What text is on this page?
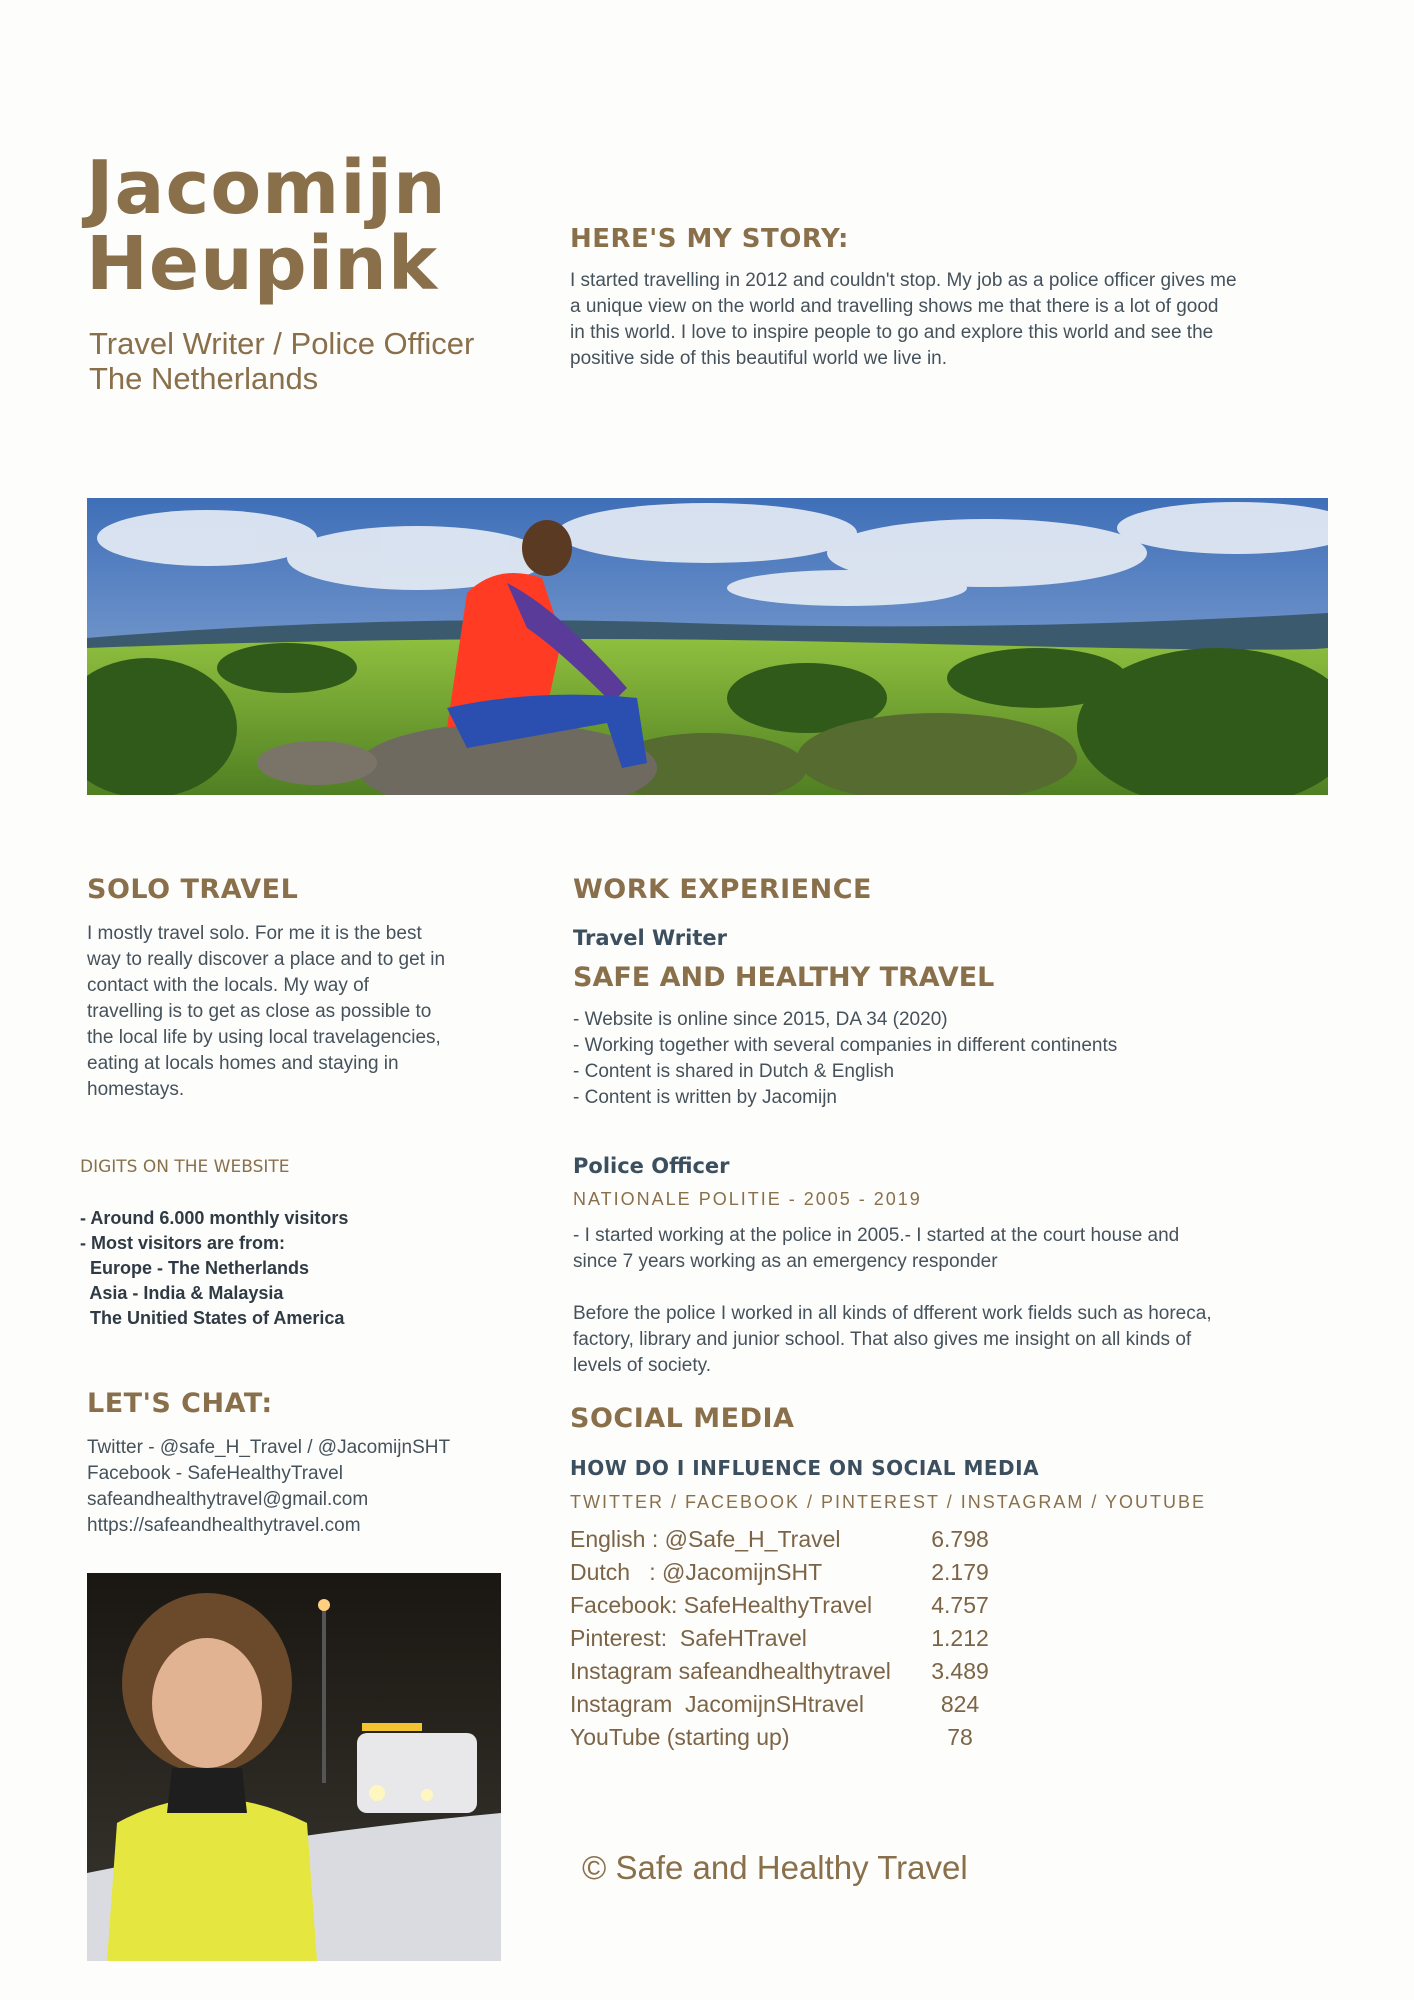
Jacomijn
Heupink
Travel Writer / Police Officer
The Netherlands
HERE'S MY STORY:
I started travelling in 2012 and couldn't stop. My job as a police officer gives me
a unique view on the world and travelling shows me that there is a lot of good
in this world. I love to inspire people to go and explore this world and see the
positive side of this beautiful world we live in.
SOLO TRAVEL
I mostly travel solo. For me it is the best
way to really discover a place and to get in
contact with the locals. My way of
travelling is to get as close as possible to
the local life by using local travelagencies,
eating at locals homes and staying in
homestays.
DIGITS ON THE WEBSITE
- Around 6.000 monthly visitors
- Most visitors are from:
Europe - The Netherlands
Asia - India & Malaysia
The Unitied States of America
LET'S CHAT:
Twitter - @safe_H_Travel / @JacomijnSHT
Facebook - SafeHealthyTravel
safeandhealthytravel@gmail.com
https://safeandhealthytravel.com
WORK EXPERIENCE
Travel Writer
SAFE AND HEALTHY TRAVEL
- Website is online since 2015, DA 34 (2020)
- Working together with several companies in different continents
- Content is shared in Dutch & English
- Content is written by Jacomijn
Police Officer
NATIONALE POLITIE - 2005 - 2019
- I started working at the police in 2005.- I started at the court house and
since 7 years working as an emergency responder
Before the police I worked in all kinds of dfferent work fields such as horeca,
factory, library and junior school. That also gives me insight on all kinds of
levels of society.
SOCIAL MEDIA
HOW DO I INFLUENCE ON SOCIAL MEDIA
TWITTER / FACEBOOK / PINTEREST / INSTAGRAM / YOUTUBE
English : @Safe_H_Travel	6.798
Dutch   : @JacomijnSHT	2.179
Facebook: SafeHealthyTravel	4.757
Pinterest:  SafeHTravel	1.212
Instagram safeandhealthytravel 3.489
Instagram  JacomijnSHtravel	824
YouTube (starting up)	78
© Safe and Healthy Travel
